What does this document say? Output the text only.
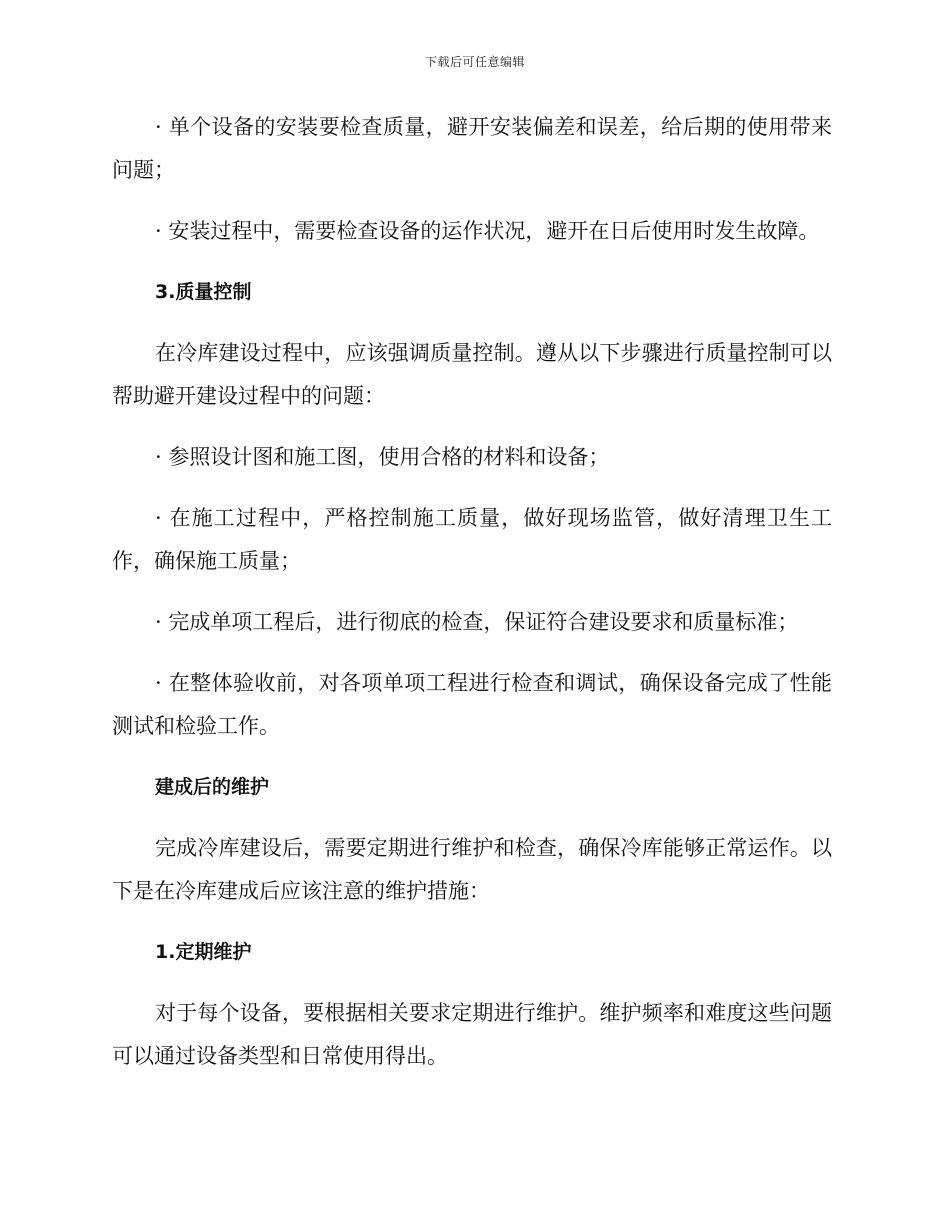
下载后可任意编辑

· 单个设备的安装要检查质量，避开安装偏差和误差，给后期的使用带来问题；

· 安装过程中，需要检查设备的运作状况，避开在日后使用时发生故障。

3.质量控制

在冷库建设过程中，应该强调质量控制。遵从以下步骤进行质量控制可以帮助避开建设过程中的问题：

· 参照设计图和施工图，使用合格的材料和设备；

· 在施工过程中，严格控制施工质量，做好现场监管，做好清理卫生工作，确保施工质量；

· 完成单项工程后，进行彻底的检查，保证符合建设要求和质量标准；

· 在整体验收前，对各项单项工程进行检查和调试，确保设备完成了性能测试和检验工作。

建成后的维护

完成冷库建设后，需要定期进行维护和检查，确保冷库能够正常运作。以下是在冷库建成后应该注意的维护措施：

1.定期维护

对于每个设备，要根据相关要求定期进行维护。维护频率和难度这些问题可以通过设备类型和日常使用得出。
